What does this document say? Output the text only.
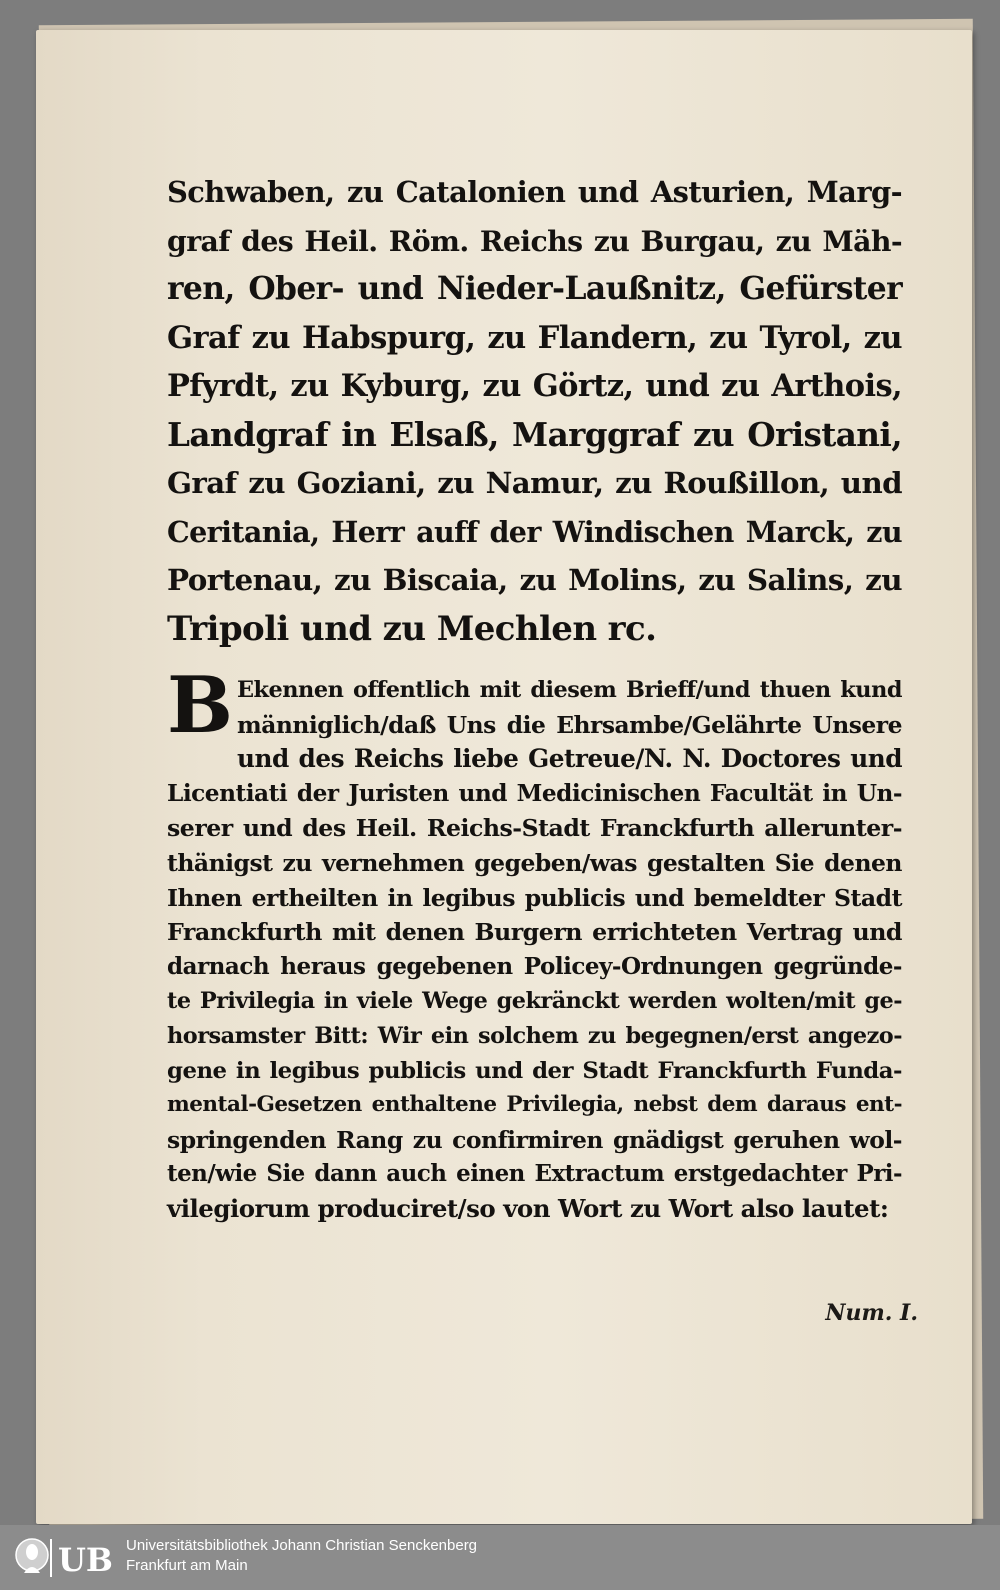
Schwaben, zu Catalonien und Asturien, Marg-

graf des Heil. Röm. Reichs zu Burgau, zu Mäh-

ren, Ober- und Nieder-Laußnitz, Gefürster

Graf zu Habspurg, zu Flandern, zu Tyrol, zu

Pfyrdt, zu Kyburg, zu Görtz, und zu Arthois,

Landgraf in Elsaß, Marggraf zu Oristani,

Graf zu Goziani, zu Namur, zu Roußillon, und

Ceritania, Herr auff der Windischen Marck, zu

Portenau, zu Biscaia, zu Molins, zu Salins, zu

Tripoli und zu Mechlen rc.

B Ekennen offentlich mit diesem Brieff/und thuen kund

männiglich/daß Uns die Ehrsambe/Gelährte Unsere

und des Reichs liebe Getreue/N. N. Doctores und

Licentiati der Juristen und Medicinischen Facultät in Un-

serer und des Heil. Reichs-Stadt Franckfurth allerunter-

thänigst zu vernehmen gegeben/was gestalten Sie denen

Ihnen ertheilten in legibus publicis und bemeldter Stadt

Franckfurth mit denen Burgern errichteten Vertrag und

darnach heraus gegebenen Policey-Ordnungen gegründe-

te Privilegia in viele Wege gekränckt werden wolten/mit ge-

horsamster Bitt: Wir ein solchem zu begegnen/erst angezo-

gene in legibus publicis und der Stadt Franckfurth Funda-

mental-Gesetzen enthaltene Privilegia, nebst dem daraus ent-

springenden Rang zu confirmiren gnädigst geruhen wol-

ten/wie Sie dann auch einen Extractum erstgedachter Pri-

vilegiorum produciret/so von Wort zu Wort also lautet:

Num. I.
UB Universitätsbibliothek Johann Christian Senckenberg
Frankfurt am Main
